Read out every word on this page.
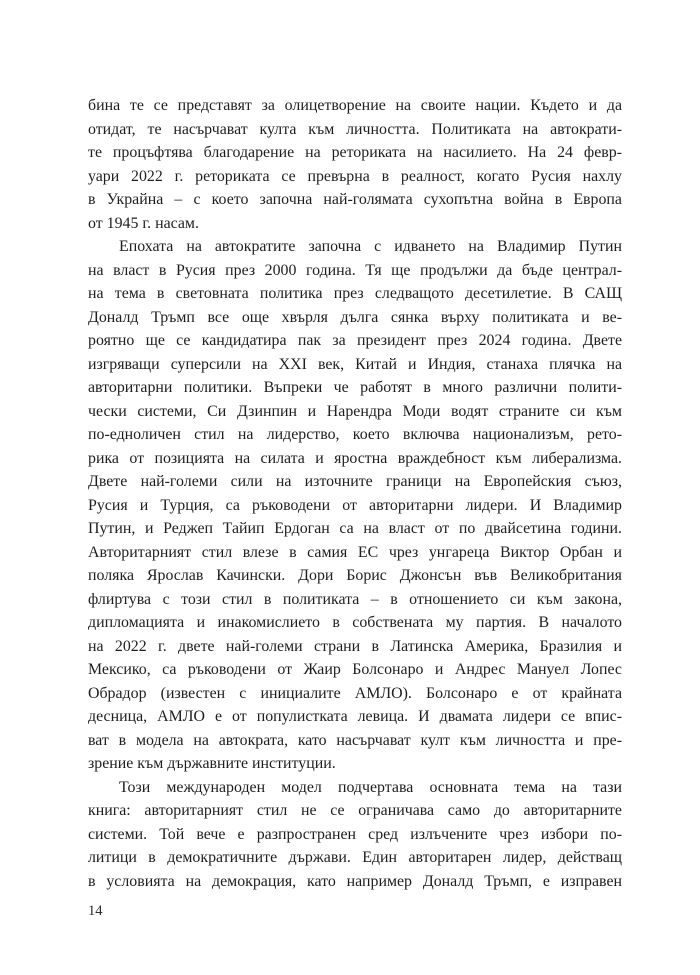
бина те се представят за олицетворение на своите нации. Където и да
отидат, те насърчават култа към личността. Политиката на автократи-
те процъфтява благодарение на реториката на насилието. На 24 февр-
уари 2022 г. реториката се превърна в реалност, когато Русия нахлу
в Украйна – с което започна най-голямата сухопътна война в Европа
от 1945 г. насам.

Епохата на автократите започна с идването на Владимир Путин
на власт в Русия през 2000 година. Тя ще продължи да бъде централ-
на тема в световната политика през следващото десетилетие. В САЩ
Доналд Тръмп все още хвърля дълга сянка върху политиката и ве-
роятно ще се кандидатира пак за президент през 2024 година. Двете
изгряващи суперсили на XXI век, Китай и Индия, станаха плячка на
авторитарни политики. Въпреки че работят в много различни полити-
чески системи, Си Дзинпин и Нарендра Моди водят страните си към
по-едноличен стил на лидерство, което включва национализъм, рето-
рика от позицията на силата и яростна враждебност към либерализма.
Двете най-големи сили на източните граници на Европейския съюз,
Русия и Турция, са ръководени от авторитарни лидери. И Владимир
Путин, и Реджеп Тайип Ердоган са на власт от по двайсетина години.
Авторитарният стил влезе в самия ЕС чрез унгареца Виктор Орбан и
поляка Ярослав Качински. Дори Борис Джонсън във Великобритания
флиртува с този стил в политиката – в отношението си към закона,
дипломацията и инакомислието в собствената му партия. В началото
на 2022 г. двете най-големи страни в Латинска Америка, Бразилия и
Мексико, са ръководени от Жаир Болсонаро и Андрес Мануел Лопес
Обрадор (известен с инициалите АМЛО). Болсонаро е от крайната
десница, АМЛО е от популистката левица. И двамата лидери се впис-
ват в модела на автократа, като насърчават култ към личността и пре-
зрение към държавните институции.

Този международен модел подчертава основната тема на тази
книга: авторитарният стил не се ограничава само до авторитарните
системи. Той вече е разпространен сред излъчените чрез избори по-
литици в демократичните държави. Един авторитарен лидер, действащ
в условията на демокрация, като например Доналд Тръмп, е изправен

14
